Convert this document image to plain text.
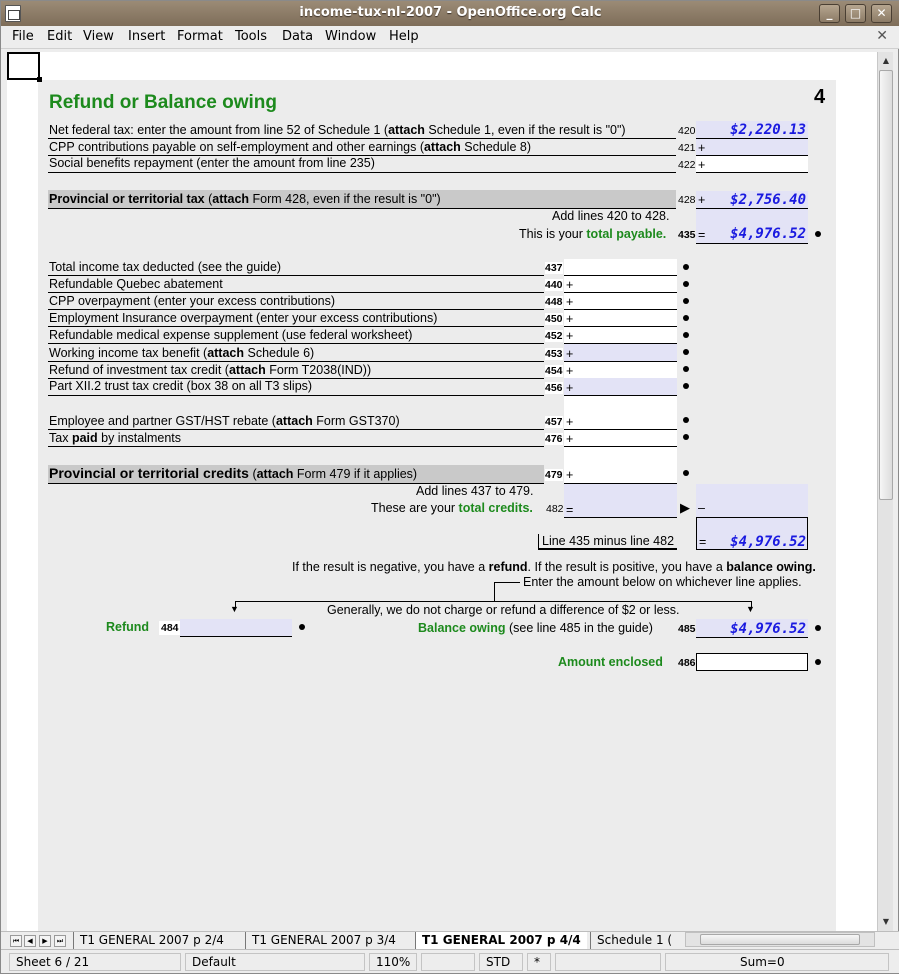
income-tux-nl-2007 - OpenOffice.org Calc	_	□	✕
File Edit View Insert Format Tools Data Window Help	✕
Refund or Balance owing	4
Net federal tax: enter the amount from line 52 of Schedule 1 (attach Schedule 1, even if the result is "0")	420	$2,220.13
CPP contributions payable on self-employment and other earnings (attach Schedule 8)	421 +
Social benefits repayment (enter the amount from line 235)	422 +
Provincial or territorial tax (attach Form 428, even if the result is "0")	428 +	$2,756.40
Add lines 420 to 428.
This is your total payable. 435 =	$4,976.52
Total income tax deducted (see the guide)	437
Refundable Quebec abatement	440 +
CPP overpayment (enter your excess contributions)	448 +
Employment Insurance overpayment (enter your excess contributions)	450 +
Refundable medical expense supplement (use federal worksheet)	452 +
Working income tax benefit (attach Schedule 6)	453 +
Refund of investment tax credit (attach Form T2038(IND))	454 +
Part XII.2 trust tax credit (box 38 on all T3 slips)	456 +
Employee and partner GST/HST rebate (attach Form GST370)	457 +
Tax paid by instalments	476 +
Provincial or territorial credits (attach Form 479 if it applies)	479 +
Add lines 437 to 479.
These are your total credits. 482 =	▶ –
Line 435 minus line 482 =	$4,976.52
If the result is negative, you have a refund. If the result is positive, you have a balance owing.
Enter the amount below on whichever line applies.
▼	▼
Generally, we do not charge or refund a difference of $2 or less.
Refund 484	Balance owing (see line 485 in the guide) 485	$4,976.52
Amount enclosed 486
▲
▼
⏮	◀	▶	⏭	T1 GENERAL 2007 p 2/4	T1 GENERAL 2007 p 3/4	T1 GENERAL 2007 p 4/4	Schedule 1 (
Sheet 6 / 21	Default	110%	STD	*	Sum=0
